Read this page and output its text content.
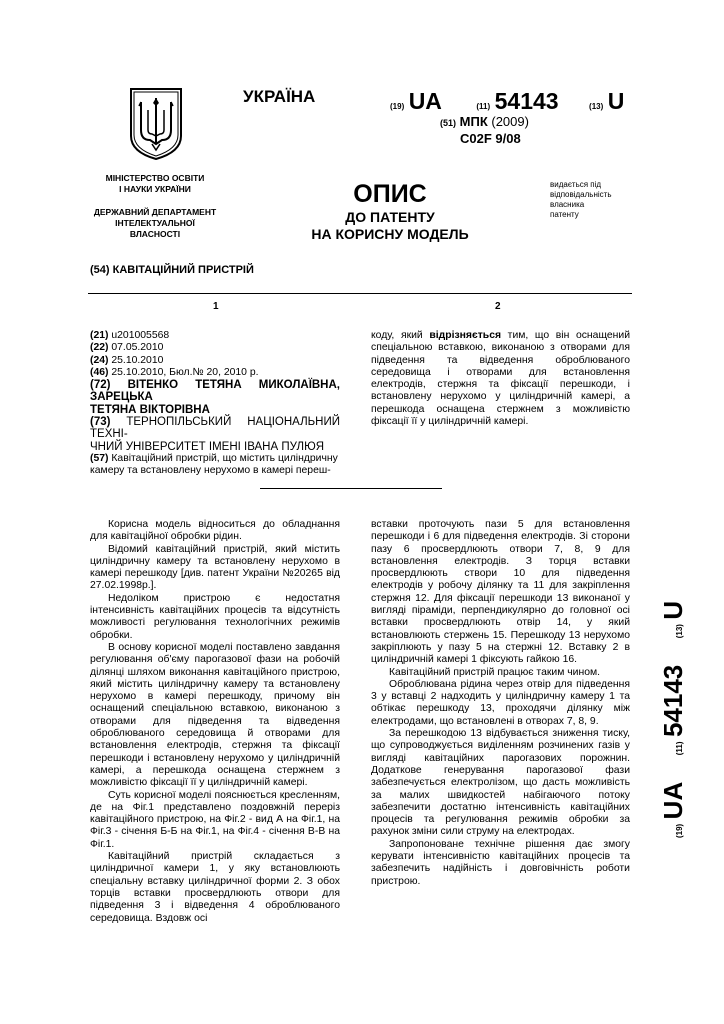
МІНІСТЕРСТВО ОСВІТИ
І НАУКИ УКРАЇНИ
ДЕРЖАВНИЙ ДЕПАРТАМЕНТ
ІНТЕЛЕКТУАЛЬНОЇ
ВЛАСНОСТІ
УКРАЇНА
(19) UA	(11) 54143	(13) U
(51) МПК (2009)
C02F 9/08
ОПИС
ДО ПАТЕНТУ
НА КОРИСНУ МОДЕЛЬ
видається під
відповідальність
власника
патенту
(54) КАВІТАЦІЙНИЙ ПРИСТРІЙ
1	2
(21) u201005568
(22) 07.05.2010
(24) 25.10.2010
(46) 25.10.2010, Бюл.№ 20, 2010 р.
(72) ВІТЕНКО ТЕТЯНА МИКОЛАЇВНА, ЗАРЕЦЬКА
ТЕТЯНА ВІКТОРІВНА
(73) ТЕРНОПІЛЬСЬКИЙ НАЦІОНАЛЬНИЙ ТЕХНІ-
ЧНИЙ УНІВЕРСИТЕТ ІМЕНІ ІВАНА ПУЛЮЯ
(57) Кавітаційний пристрій, що містить циліндричну
камеру та встановлену нерухомо в камері переш-
коду, який відрізняється тим, що він оснащений спеціальною вставкою, виконаною з отворами для підведення та відведення оброблюваного середовища і отворами для встановлення електродів, стержня та фіксації перешкоди, і встановлену нерухомо у циліндричній камері, а перешкода оснащена стержнем з можливістю фіксації її у циліндричній камері.

Корисна модель відноситься до обладнання для кавітаційної обробки рідин.

Відомий кавітаційний пристрій, який містить циліндричну камеру та встановлену нерухомо в камері перешкоду [див. патент України №20265 від 27.02.1998р.].

Недоліком пристрою є недостатня інтенсивність кавітаційних процесів та відсутність можливості регулювання технологічних режимів обробки.

В основу корисної моделі поставлено завдання регулювання об'єму парогазової фази на робочій ділянці шляхом виконання кавітаційного пристрою, який містить циліндричну камеру та встановлену нерухомо в камері перешкоду, причому він оснащений спеціальною вставкою, виконаною з отворами для підведення та відведення оброблюваного середовища й отворами для встановлення електродів, стержня та фіксації перешкоди і встановлену нерухомо у циліндричній камері, а перешкода оснащена стержнем з можливістю фіксації її у циліндричній камері.

Суть корисної моделі пояснюється кресленням, де на Фіг.1 представлено поздовжній переріз кавітаційного пристрою, на Фіг.2 - вид А на Фіг.1, на Фіг.3 - січення Б-Б на Фіг.1, на Фіг.4 - січення В-В на Фіг.1.

Кавітаційний пристрій складається з циліндричної камери 1, у яку встановлюють спеціальну вставку циліндричної форми 2. З обох торців вставки просвердлюють отвори для підведення 3 і відведення 4 оброблюваного середовища. Вздовж осі

вставки проточують пази 5 для встановлення перешкоди і 6 для підведення електродів. Зі сторони пазу 6 просвердлюють отвори 7, 8, 9 для встановлення електродів. З торця вставки просвердлюють створи 10 для підведення електродів у робочу ділянку та 11 для закріплення стержня 12. Для фіксації перешкоди 13 виконаної у вигляді піраміди, перпендикулярно до головної осі вставки просвердлюють отвір 14, у який встановлюють стержень 15. Перешкоду 13 нерухомо закріплюють у пазу 5 на стержні 12. Вставку 2 в циліндричній камері 1 фіксують гайкою 16.

Кавітаційний пристрій працює таким чином.

Оброблювана рідина через отвір для підведення 3 у вставці 2 надходить у циліндричну камеру 1 та обтікає перешкоду 13, проходячи ділянку між електродами, що встановлені в отворах 7, 8, 9.

За перешкодою 13 відбувається зниження тиску, що супроводжується виділенням розчинених газів у вигляді кавітаційних парогазових порожнин. Додаткове генерування парогазової фази забезпечується електролізом, що дасть можливість за малих швидкостей набігаючого потоку забезпечити достатню інтенсивність кавітаційних процесів та регулювання режимів обробки за рахунок зміни сили струму на електродах.

Запропоноване технічне рішення дає змогу керувати інтенсивністю кавітаційних процесів та забезпечить надійність і довговічність роботи пристрою.

(19) UA (11) 54143 (13) U
